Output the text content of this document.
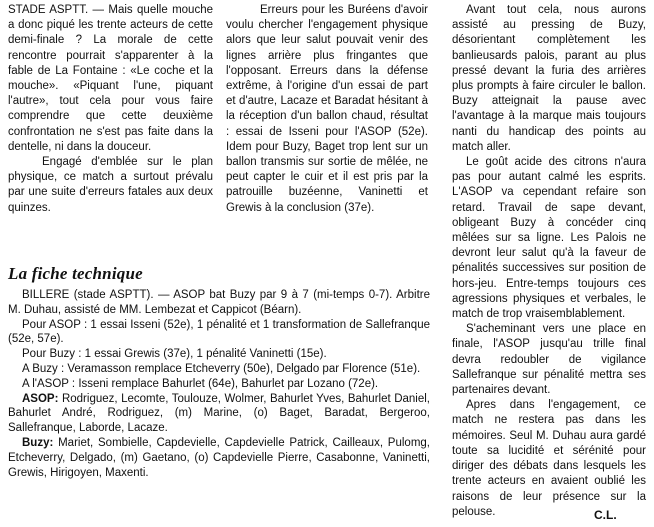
STADE ASPTT. — Mais quelle mouche a donc piqué les trente acteurs de cette demi-finale ? La morale de cette rencontre pourrait s'apparenter à la fable de La Fontaine : «Le coche et la mouche». «Piquant l'une, piquant l'autre», tout cela pour vous faire comprendre que cette deuxième confrontation ne s'est pas faite dans la dentelle, ni dans la douceur.

Engagé d'emblée sur le plan physique, ce match a surtout prévalu par une suite d'erreurs fatales aux deux quinzes.

Erreurs pour les Buréens d'avoir voulu chercher l'engagement physique alors que leur salut pouvait venir des lignes arrière plus fringantes que l'opposant. Erreurs dans la défense extrême, à l'origine d'un essai de part et d'autre, Lacaze et Baradat hésitant à la réception d'un ballon chaud, résultat : essai de Isseni pour l'ASOP (52e). Idem pour Buzy, Baget trop lent sur un ballon transmis sur sortie de mêlée, ne peut capter le cuir et il est pris par la patrouille buzéenne, Vaninetti et Grewis à la conclusion (37e).

Avant tout cela, nous aurons assisté au pressing de Buzy, désorientant complètement les banlieusards palois, parant au plus pressé devant la furia des arrières plus prompts à faire circuler le ballon. Buzy atteignait la pause avec l'avantage à la marque mais toujours nanti du handicap des points au match aller.

Le goût acide des citrons n'aura pas pour autant calmé les esprits. L'ASOP va cependant refaire son retard. Travail de sape devant, obligeant Buzy à concéder cinq mêlées sur sa ligne. Les Palois ne devront leur salut qu'à la faveur de pénalités successives sur position de hors-jeu. Entre-temps toujours ces agressions physiques et verbales, le match de trop vraisemblablement.

S'acheminant vers une place en finale, l'ASOP jusqu'au trille final devra redoubler de vigilance Sallefranque sur pénalité mettra ses partenaires devant.

Apres dans l'engagement, ce match ne restera pas dans les mémoires. Seul M. Duhau aura gardé toute sa lucidité et sérénité pour diriger des débats dans lesquels les trente acteurs en avaient oublié les raisons de leur présence sur la pelouse.

La fiche technique

BILLERE (stade ASPTT). — ASOP bat Buzy par 9 à 7 (mi-temps 0-7). Arbitre M. Duhau, assisté de MM. Lembezat et Cappicot (Béarn).

Pour ASOP : 1 essai Isseni (52e), 1 pénalité et 1 transformation de Sallefranque (52e, 57e).

Pour Buzy : 1 essai Grewis (37e), 1 pénalité Vaninetti (15e).

A Buzy : Veramasson remplace Etcheverry (50e), Delgado par Florence (51e).

A l'ASOP : Isseni remplace Bahurlet (64e), Bahurlet par Lozano (72e).

ASOP: Rodriguez, Lecomte, Toulouze, Wolmer, Bahurlet Yves, Bahurlet Daniel, Bahurlet André, Rodriguez, (m) Marine, (o) Baget, Baradat, Bergeroo, Sallefranque, Laborde, Lacaze.

Buzy: Mariet, Sombielle, Capdevielle, Capdevielle Patrick, Cailleaux, Pulomg, Etcheverry, Delgado, (m) Gaetano, (o) Capdevielle Pierre, Casabonne, Vaninetti, Grewis, Hirigoyen, Maxenti.

C.L.
